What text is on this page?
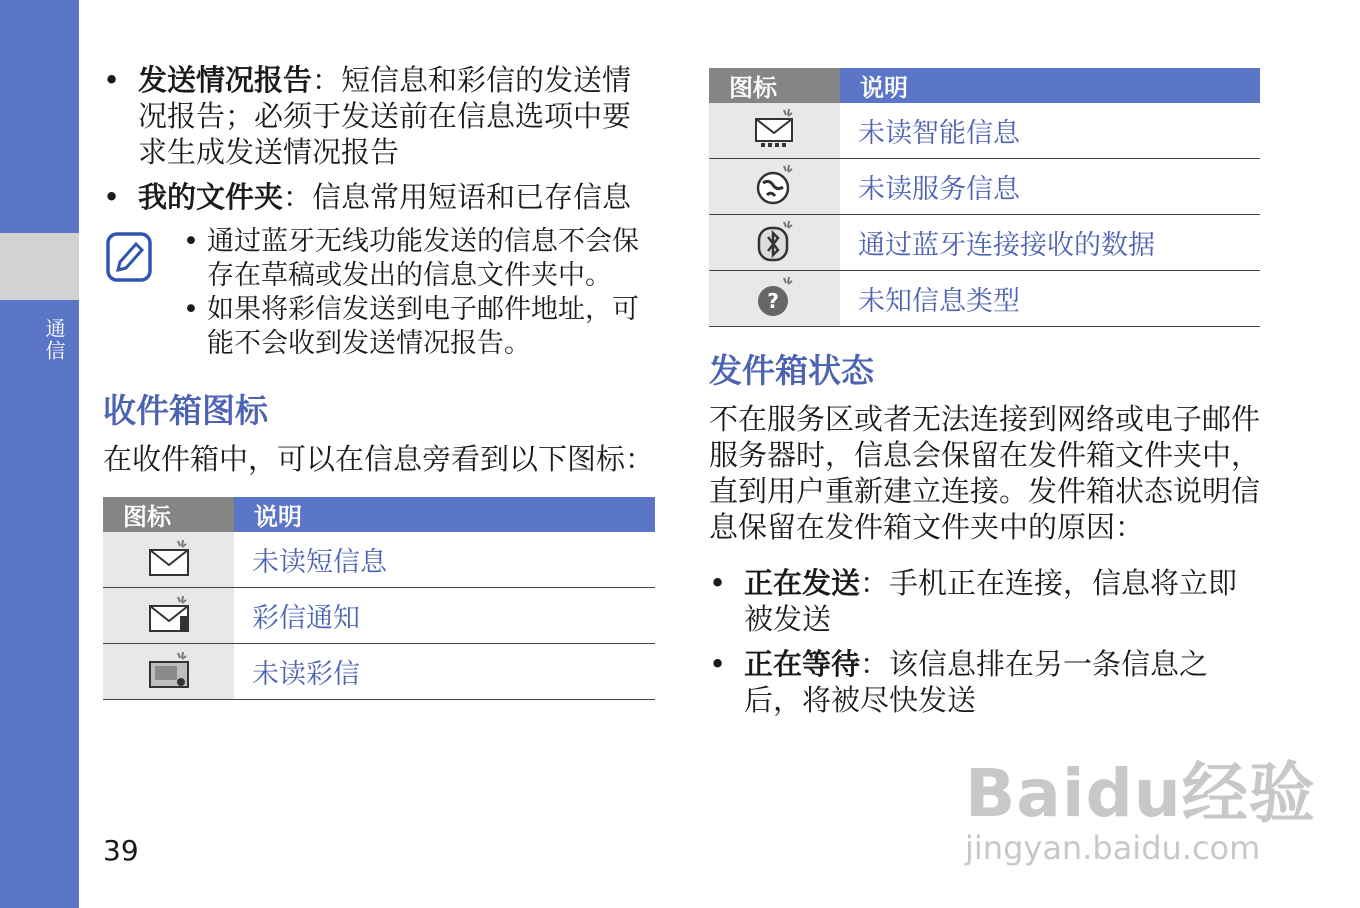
通信
• 发送情况报告：短信息和彩信的发送情况报告；必须于发送前在信息选项中要求生成发送情况报告
• 我的文件夹：信息常用短语和已存信息
• 通过蓝牙无线功能发送的信息不会保存在草稿或发出的信息文件夹中。
• 如果将彩信发送到电子邮件地址，可能不会收到发送情况报告。
收件箱图标
在收件箱中，可以在信息旁看到以下图标：
图标	说明
	未读短信息
	彩信通知
	未读彩信
39
图标	说明
	未读智能信息
	未读服务信息
	通过蓝牙连接接收的数据

?	未知信息类型
发件箱状态
不在服务区或者无法连接到网络或电子邮件服务器时，信息会保留在发件箱文件夹中，直到用户重新建立连接。发件箱状态说明信息保留在发件箱文件夹中的原因：
• 正在发送：手机正在连接，信息将立即被发送
• 正在等待：该信息排在另一条信息之后，将被尽快发送
Baidu经验
jingyan.baidu.com
